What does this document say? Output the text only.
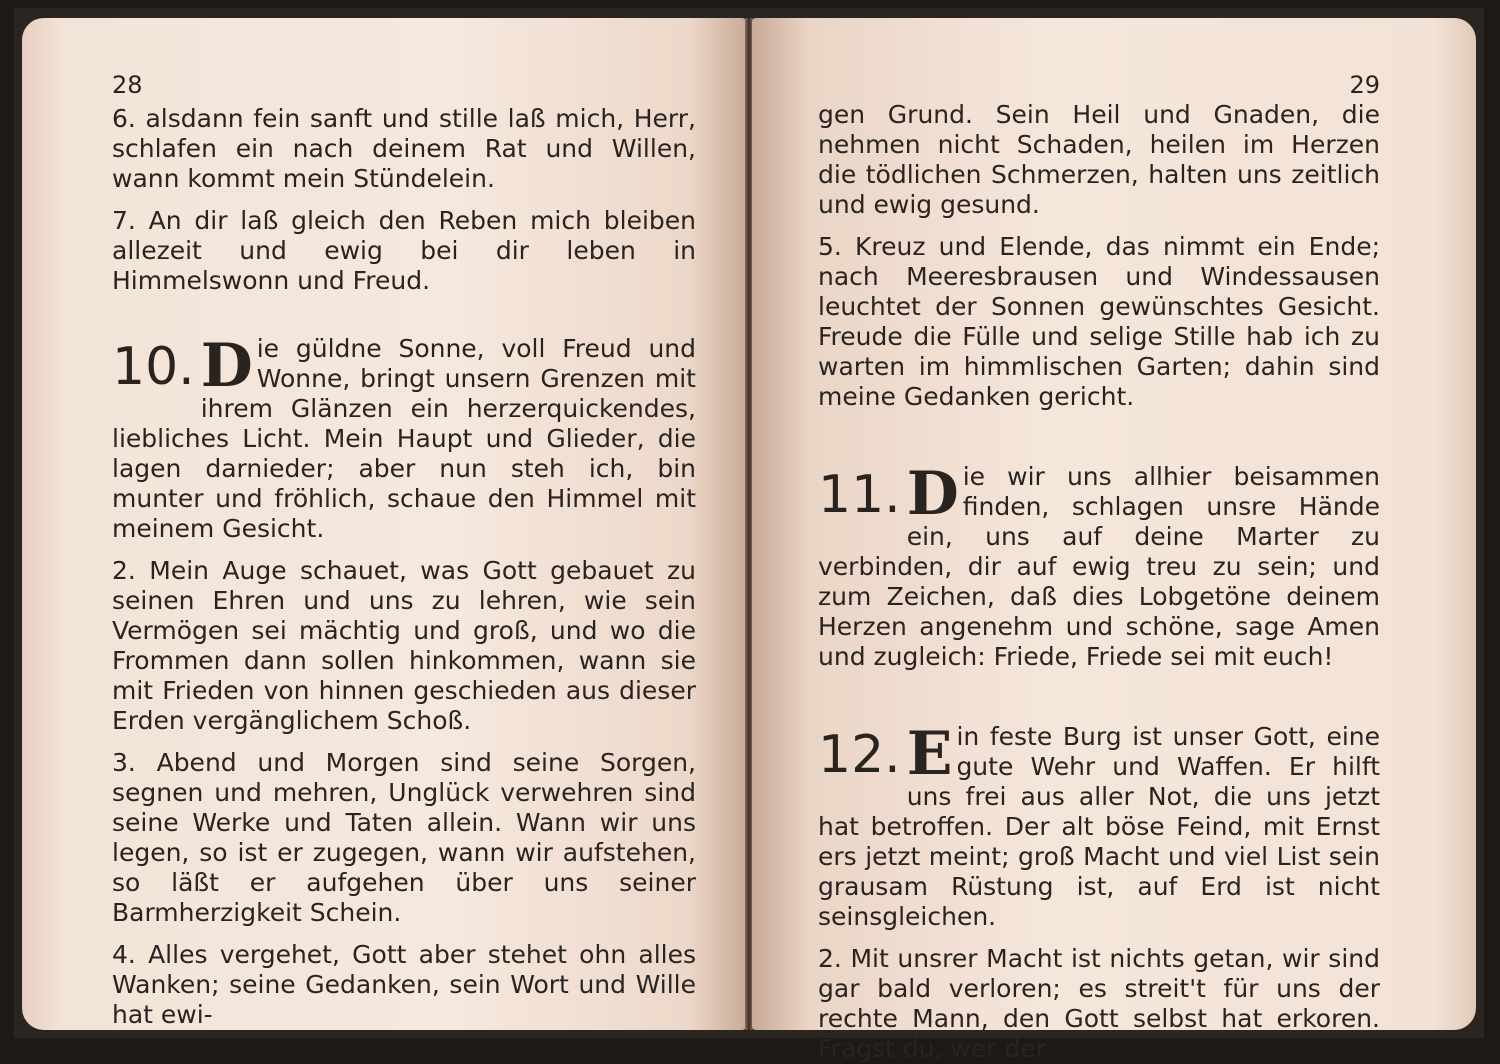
28

6. alsdann fein sanft und stille laß mich, Herr, schlafen ein nach deinem Rat und Willen, wann kommt mein Stündelein.

7. An dir laß gleich den Reben mich bleiben allezeit und ewig bei dir leben in Himmelswonn und Freud.

10. D ie güldne Sonne, voll Freud und Wonne, bringt unsern Grenzen mit ihrem Glänzen ein herzerquickendes, liebliches Licht. Mein Haupt und Glieder, die lagen darnieder; aber nun steh ich, bin munter und fröhlich, schaue den Himmel mit meinem Gesicht.

2. Mein Auge schauet, was Gott gebauet zu seinen Ehren und uns zu lehren, wie sein Vermögen sei mächtig und groß, und wo die Frommen dann sollen hinkommen, wann sie mit Frieden von hinnen geschieden aus dieser Erden vergänglichem Schoß.

3. Abend und Morgen sind seine Sorgen, segnen und mehren, Unglück verwehren sind seine Werke und Taten allein. Wann wir uns legen, so ist er zugegen, wann wir aufstehen, so läßt er aufgehen über uns seiner Barmherzigkeit Schein.

4. Alles vergehet, Gott aber stehet ohn alles Wanken; seine Gedanken, sein Wort und Wille hat ewi-

29

gen Grund. Sein Heil und Gnaden, die nehmen nicht Schaden, heilen im Herzen die tödlichen Schmerzen, halten uns zeitlich und ewig gesund.

5. Kreuz und Elende, das nimmt ein Ende; nach Meeresbrausen und Windessausen leuchtet der Sonnen gewünschtes Gesicht. Freude die Fülle und selige Stille hab ich zu warten im himmlischen Garten; dahin sind meine Gedanken gericht.

11. D ie wir uns allhier beisammen finden, schlagen unsre Hände ein, uns auf deine Marter zu verbinden, dir auf ewig treu zu sein; und zum Zeichen, daß dies Lobgetöne deinem Herzen angenehm und schöne, sage Amen und zugleich: Friede, Friede sei mit euch!

12. E in feste Burg ist unser Gott, eine gute Wehr und Waffen. Er hilft uns frei aus aller Not, die uns jetzt hat betroffen. Der alt böse Feind, mit Ernst ers jetzt meint; groß Macht und viel List sein grausam Rüstung ist, auf Erd ist nicht seinsgleichen.

2. Mit unsrer Macht ist nichts getan, wir sind gar bald verloren; es streit't für uns der rechte Mann, den Gott selbst hat erkoren. Fragst du, wer der
